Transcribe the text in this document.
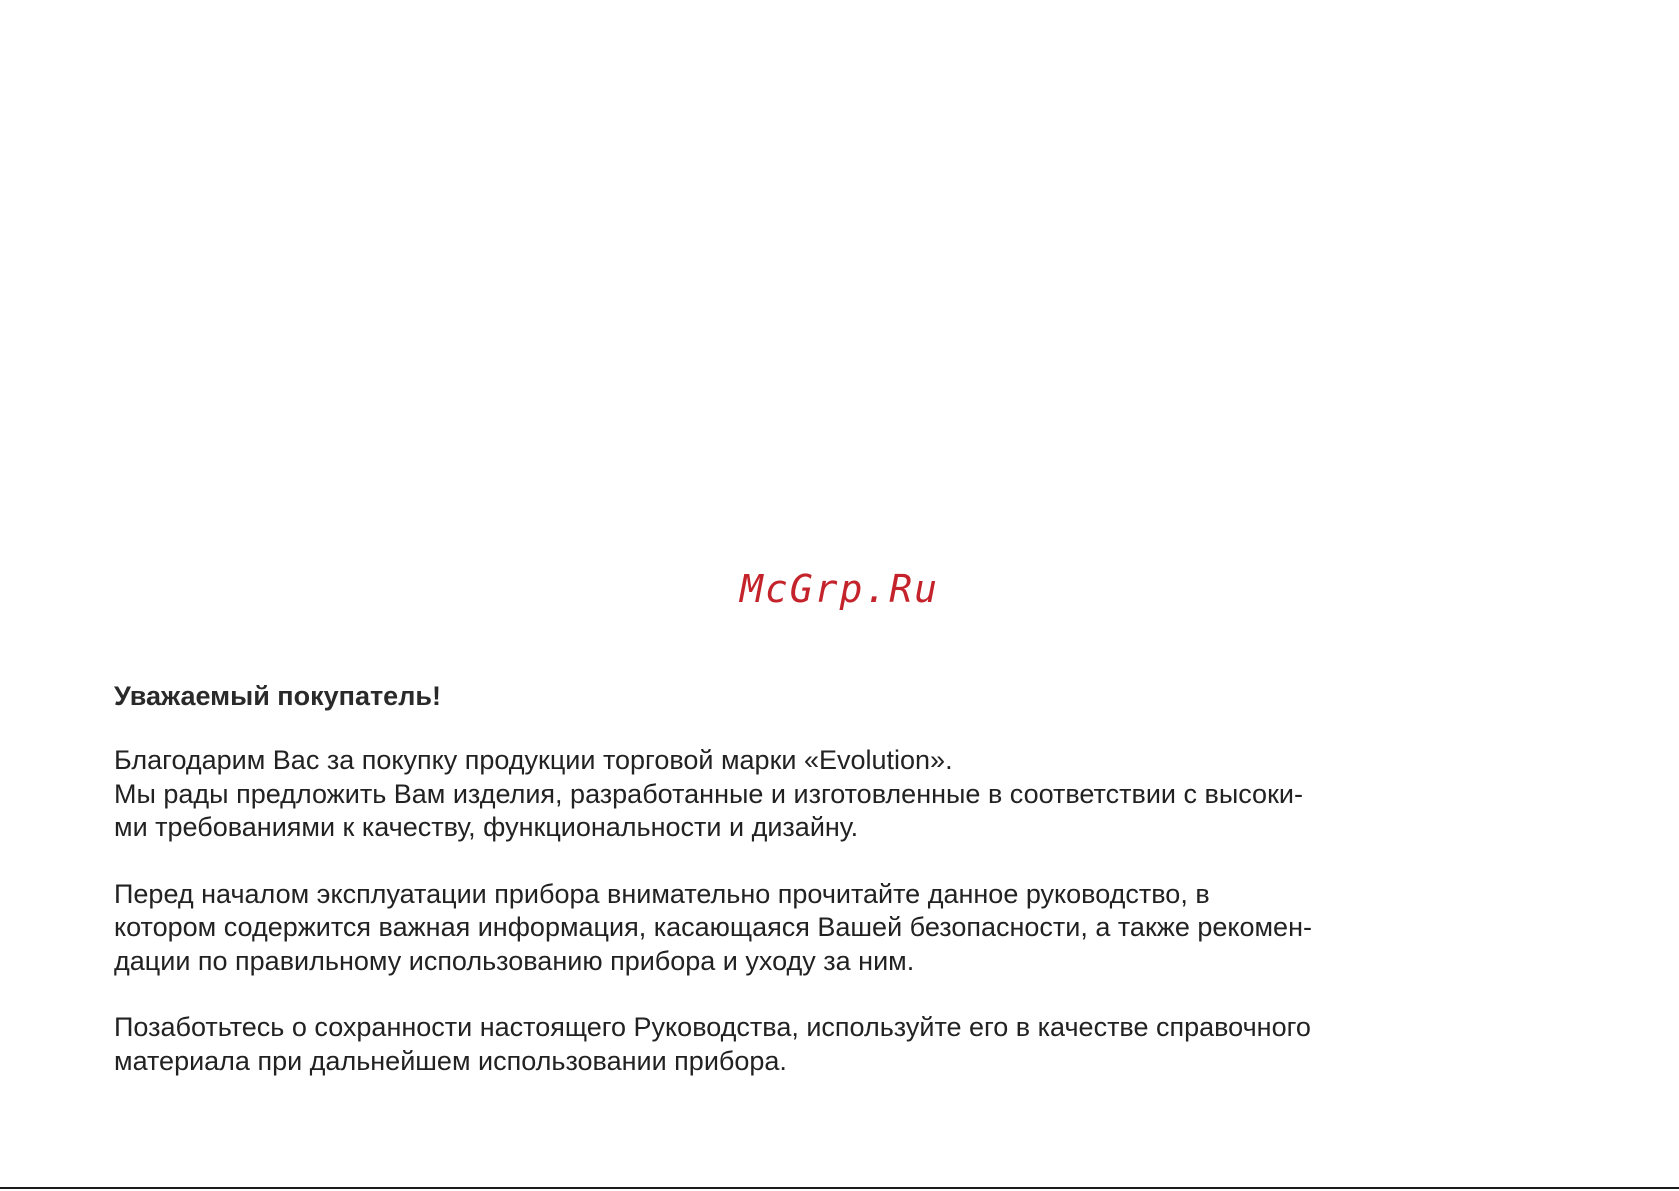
McGrp.Ru
Уважаемый покупатель!
Благодарим Вас за покупку продукции торговой марки «Evolution».
Мы рады предложить Вам изделия, разработанные и изготовленные в соответствии с высоки-
ми требованиями к качеству, функциональности и дизайну.
Перед началом эксплуатации прибора внимательно прочитайте данное руководство, в
котором содержится важная информация, касающаяся Вашей безопасности, а также рекомен-
дации по правильному использованию прибора и уходу за ним.
Позаботьтесь о сохранности настоящего Руководства, используйте его в качестве справочного
материала при дальнейшем использовании прибора.
